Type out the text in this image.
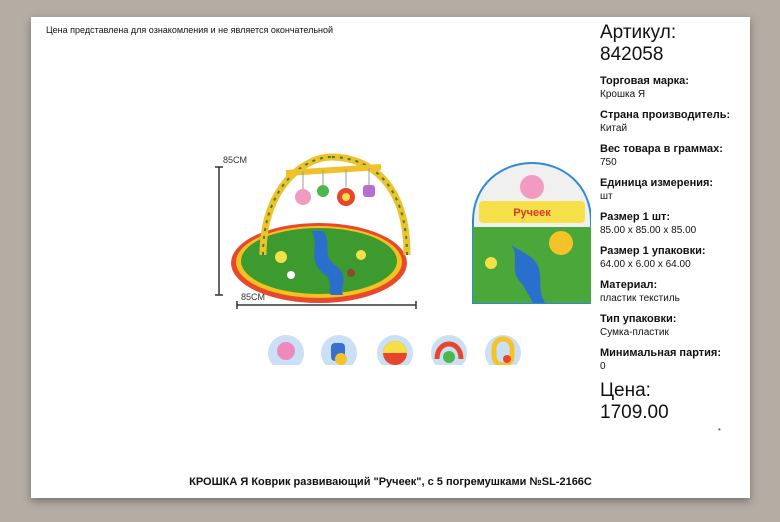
Цена представлена для ознакомления и не является окончательной
85CM
85CM
Ручеек
Артикул:
842058
Торговая марка:
Крошка Я
Страна производитель:
Китай
Вес товара в граммах:
750
Единица измерения:
шт
Размер 1 шт:
85.00 x 85.00 x 85.00
Размер 1 упаковки:
64.00 x 6.00 x 64.00
Материал:
пластик текстиль
Тип упаковки:
Сумка-пластик
Минимальная партия:
0
Цена:
1709.00
•
КРОШКА Я Коврик развивающий "Ручеек", с 5 погремушками №SL-2166C
